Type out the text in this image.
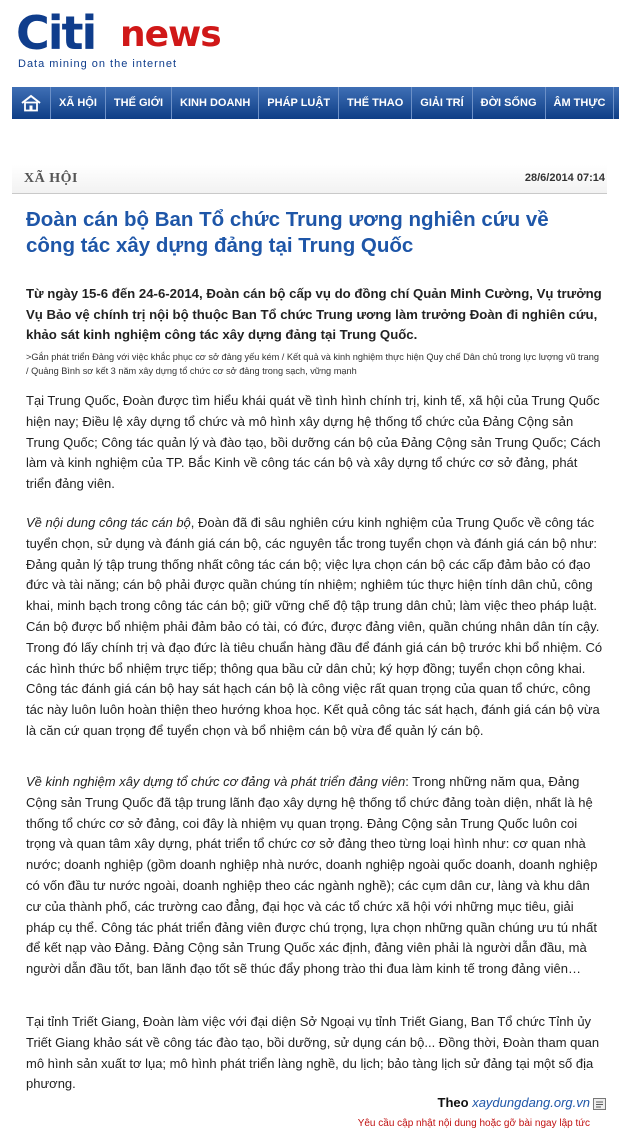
Citi news
Data mining on the internet
XÃ HỘI	THẾ GIỚI	KINH DOANH	PHÁP LUẬT	THỂ THAO	GIẢI TRÍ	ĐỜI SỐNG	ÂM THỰC
XÃ HỘI	28/6/2014 07:14
Đoàn cán bộ Ban Tổ chức Trung ương nghiên cứu về công tác xây dựng đảng tại Trung Quốc

Từ ngày 15-6 đến 24-6-2014, Đoàn cán bộ cấp vụ do đồng chí Quản Minh Cường, Vụ trưởng Vụ Bảo vệ chính trị nội bộ thuộc Ban Tổ chức Trung ương làm trưởng Đoàn đi nghiên cứu, khảo sát kinh nghiệm công tác xây dựng đảng tại Trung Quốc.

>Gắn phát triển Đảng với việc khắc phục cơ sở đảng yếu kém / Kết quả và kinh nghiệm thực hiện Quy chế Dân chủ trong lực lượng vũ trang / Quảng Bình sơ kết 3 năm xây dựng tổ chức cơ sở đảng trong sạch, vững mạnh

Tại Trung Quốc, Đoàn được tìm hiểu khái quát về tình hình chính trị, kinh tế, xã hội của Trung Quốc hiện nay; Điều lệ xây dựng tổ chức và mô hình xây dựng hệ thống tổ chức của Đảng Cộng sản Trung Quốc; Công tác quản lý và đào tạo, bồi dưỡng cán bộ của Đảng Cộng sản Trung Quốc; Cách làm và kinh nghiệm của TP. Bắc Kinh về công tác cán bộ và xây dựng tổ chức cơ sở đảng, phát triển đảng viên.

Về nội dung công tác cán bộ, Đoàn đã đi sâu nghiên cứu kinh nghiệm của Trung Quốc về công tác tuyển chọn, sử dụng và đánh giá cán bộ, các nguyên tắc trong tuyển chọn và đánh giá cán bộ như: Đảng quản lý tập trung thống nhất công tác cán bộ; việc lựa chọn cán bộ các cấp đảm bảo có đạo đức và tài năng; cán bộ phải được quần chúng tín nhiệm; nghiêm túc thực hiện tính dân chủ, công khai, minh bạch trong công tác cán bộ; giữ vững chế độ tập trung dân chủ; làm việc theo pháp luật. Cán bộ được bổ nhiệm phải đảm bảo có tài, có đức, được đảng viên, quần chúng nhân dân tín cậy. Trong đó lấy chính trị và đạo đức là tiêu chuẩn hàng đầu để đánh giá cán bộ trước khi bổ nhiệm. Có các hình thức bổ nhiệm trực tiếp; thông qua bầu cử dân chủ; ký hợp đồng; tuyển chọn công khai. Công tác đánh giá cán bộ hay sát hạch cán bộ là công việc rất quan trọng của quan tổ chức, công tác này luôn luôn hoàn thiện theo hướng khoa học. Kết quả công tác sát hạch, đánh giá cán bộ vừa là căn cứ quan trọng để tuyển chọn và bổ nhiệm cán bộ vừa để quản lý cán bộ.

Về kinh nghiệm xây dựng tổ chức cơ đảng và phát triển đảng viên: Trong những năm qua, Đảng Cộng sản Trung Quốc đã tập trung lãnh đạo xây dựng hệ thống tổ chức đảng toàn diện, nhất là hệ thống tổ chức cơ sở đảng, coi đây là nhiệm vụ quan trọng. Đảng Cộng sản Trung Quốc luôn coi trọng và quan tâm xây dựng, phát triển tổ chức cơ sở đảng theo từng loại hình như: cơ quan nhà nước; doanh nghiệp (gồm doanh nghiệp nhà nước, doanh nghiệp ngoài quốc doanh, doanh nghiệp có vốn đầu tư nước ngoài, doanh nghiệp theo các ngành nghề); các cụm dân cư, làng và khu dân cư của thành phố, các trường cao đẳng, đại học và các tổ chức xã hội với những mục tiêu, giải pháp cụ thể. Công tác phát triển đảng viên được chú trọng, lựa chọn những quần chúng ưu tú nhất để kết nạp vào Đảng. Đảng Cộng sản Trung Quốc xác định, đảng viên phải là người dẫn đầu, mà người dẫn đầu tốt, ban lãnh đạo tốt sẽ thúc đẩy phong trào thi đua làm kinh tế trong đảng viên…

Tại tỉnh Triết Giang, Đoàn làm việc với đại diện Sở Ngoại vụ tỉnh Triết Giang, Ban Tổ chức Tỉnh ủy Triết Giang khảo sát về công tác đào tạo, bồi dưỡng, sử dụng cán bộ... Đồng thời, Đoàn tham quan mô hình sản xuất tơ lụa; mô hình phát triển làng nghề, du lịch; bảo tàng lịch sử đảng tại một số địa phương.

Theo xaydungdang.org.vn
Yêu cầu cập nhật nội dung hoặc gỡ bài ngay lập tức
